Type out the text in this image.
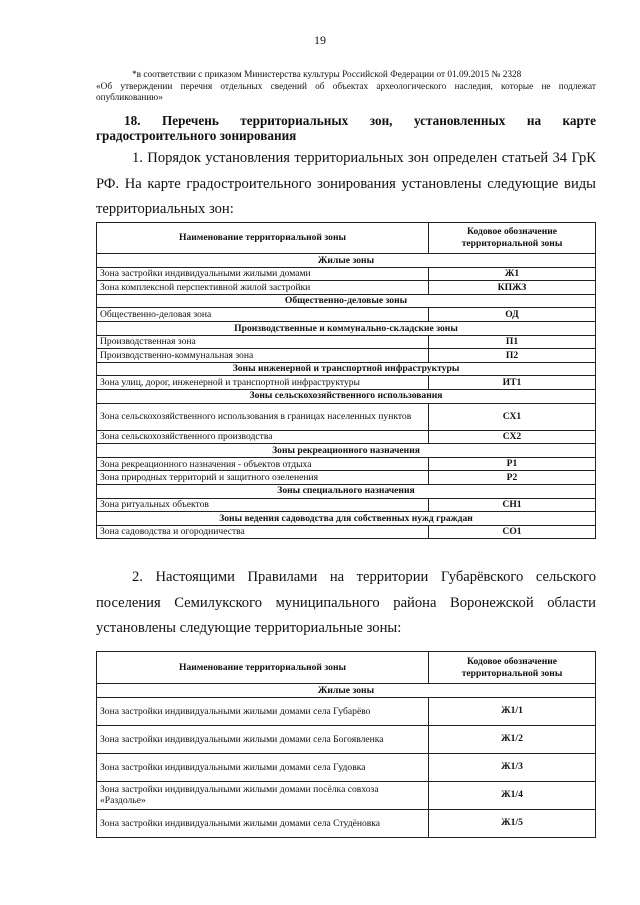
19
*в соответствии с приказом Министерства культуры Российской Федерации от 01.09.2015 № 2328
«Об утверждении перечня отдельных сведений об объектах археологического наследия, которые не подлежат опубликованию»
18. Перечень территориальных зон, установленных на карте градостроительного зонирования
1. Порядок установления территориальных зон определен статьей 34 ГрК РФ. На карте градостроительного зонирования установлены следующие виды территориальных зон:
Наименование территориальной зоны	Кодовое обозначение территориальной зоны
Жилые зоны	
Зона застройки индивидуальными жилыми домами	Ж1
Зона комплексной перспективной жилой застройки	КПЖЗ
Общественно-деловые зоны	
Общественно-деловая зона	ОД
Производственные и коммунально-складские зоны	
Производственная зона	П1
Производственно-коммунальная зона	П2
Зоны инженерной и транспортной инфраструктуры	
Зона улиц, дорог, инженерной и транспортной инфраструктуры	ИТ1
Зоны сельскохозяйственного использования	
Зона сельскохозяйственного использования в границах населенных пунктов	СХ1
Зона сельскохозяйственного производства	СХ2
Зоны рекреационного назначения	
Зона рекреационного назначения - объектов отдыха	Р1
Зона природных территорий и защитного озеленения	Р2
Зоны специального назначения	
Зона ритуальных объектов	СН1
Зоны ведения садоводства для собственных нужд граждан	
Зона садоводства и огородничества	СО1
2. Настоящими Правилами на территории Губарёвского сельского поселения Семилукского муниципального района Воронежской области установлены следующие территориальные зоны:
Наименование территориальной зоны	Кодовое обозначение территориальной зоны
Жилые зоны	
Зона застройки индивидуальными жилыми домами села Губарёво	Ж1/1
Зона застройки индивидуальными жилыми домами села Богоявленка	Ж1/2
Зона застройки индивидуальными жилыми домами села Гудовка	Ж1/3
Зона застройки индивидуальными жилыми домами посёлка совхоза «Раздолье»	Ж1/4
Зона застройки индивидуальными жилыми домами села Студёновка	Ж1/5
